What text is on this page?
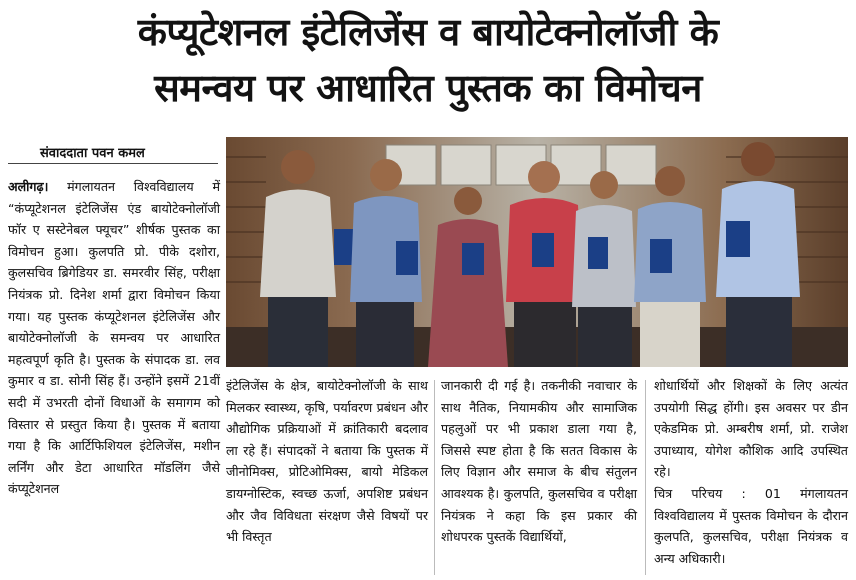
कंप्यूटेशनल इंटेलिजेंस व बायोटेक्नोलॉजी के
समन्वय पर आधारित पुस्तक का विमोचन
संवाददाता पवन कमल

अलीगढ़। मंगलायतन विश्वविद्यालय में “कंप्यूटेशनल इंटेलिजेंस एंड बायोटेक्नोलॉजी फॉर ए सस्टेनेबल फ्यूचर” शीर्षक पुस्तक का विमोचन हुआ। कुलपति प्रो. पीके दशोरा, कुलसचिव ब्रिगेडियर डा. समरवीर सिंह, परीक्षा नियंत्रक प्रो. दिनेश शर्मा द्वारा विमोचन किया गया। यह पुस्तक कंप्यूटेशनल इंटेलिजेंस और बायोटेक्नोलॉजी के समन्वय पर आधारित महत्वपूर्ण कृति है। पुस्तक के संपादक डा. लव कुमार व डा. सोनी सिंह हैं। उन्होंने इसमें 21वीं सदी में उभरती दोनों विधाओं के समागम को विस्तार से प्रस्तुत किया है। पुस्तक में बताया गया है कि आर्टिफिशियल इंटेलिजेंस, मशीन लर्निंग और डेटा आधारित मॉडलिंग जैसे कंप्यूटेशनल

इंटेलिजेंस के क्षेत्र, बायोटेक्नोलॉजी के साथ मिलकर स्वास्थ्य, कृषि, पर्यावरण प्रबंधन और औद्योगिक प्रक्रियाओं में क्रांतिकारी बदलाव ला रहे हैं। संपादकों ने बताया कि पुस्तक में जीनोमिक्स, प्रोटिओमिक्स, बायो मेडिकल डायग्नोस्टिक, स्वच्छ ऊर्जा, अपशिष्ट प्रबंधन और जैव विविधता संरक्षण जैसे विषयों पर भी विस्तृत

जानकारी दी गई है। तकनीकी नवाचार के साथ नैतिक, नियामकीय और सामाजिक पहलुओं पर भी प्रकाश डाला गया है, जिससे स्पष्ट होता है कि सतत विकास के लिए विज्ञान और समाज के बीच संतुलन आवश्यक है। कुलपति, कुलसचिव व परीक्षा नियंत्रक ने कहा कि इस प्रकार की शोधपरक पुस्तकें विद्यार्थियों,

शोधार्थियों और शिक्षकों के लिए अत्यंत उपयोगी सिद्ध होंगी। इस अवसर पर डीन एकेडमिक प्रो. अम्बरीष शर्मा, प्रो. राजेश उपाध्याय, योगेश कौशिक आदि उपस्थित रहे।

चित्र परिचय : 01 मंगलायतन विश्वविद्यालय में पुस्तक विमोचन के दौरान कुलपति, कुलसचिव, परीक्षा नियंत्रक व अन्य अधिकारी।
